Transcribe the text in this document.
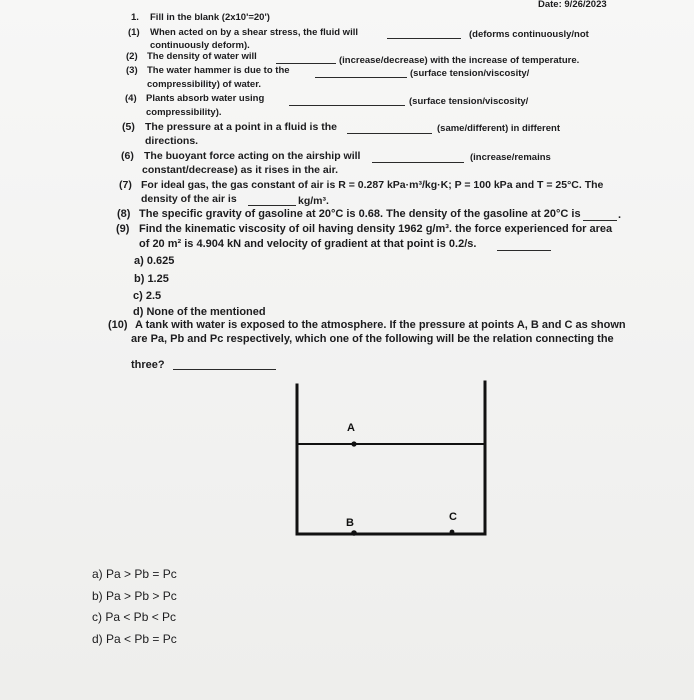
Date: 9/26/2023
1. Fill in the blank (2x10'=20')
(1) When acted on by a shear stress, the fluid will	(deforms continuously/not
continuously deform).
(2) The density of water will	(increase/decrease) with the increase of temperature.
(3) The water hammer is due to the	(surface tension/viscosity/
compressibility) of water.
(4) Plants absorb water using	(surface tension/viscosity/
compressibility).
(5) The pressure at a point in a fluid is the	(same/different) in different
directions.
(6) The buoyant force acting on the airship will	(increase/remains
constant/decrease) as it rises in the air.
(7) For ideal gas, the gas constant of air is R = 0.287 kPa·m³/kg·K; P = 100 kPa and T = 25°C. The
density of the air is	kg/m³.
(8) The specific gravity of gasoline at 20°C is 0.68. The density of the gasoline at 20°C is	.
(9) Find the kinematic viscosity of oil having density 1962 g/m³. the force experienced for area
of 20 m² is 4.904 kN and velocity of gradient at that point is 0.2/s.
a) 0.625
b) 1.25
c) 2.5
d) None of the mentioned
(10) A tank with water is exposed to the atmosphere. If the pressure at points A, B and C as shown
are Pa, Pb and Pc respectively, which one of the following will be the relation connecting the
three?
A
B	C
a) Pa > Pb = Pc
b) Pa > Pb > Pc
c) Pa < Pb < Pc
d) Pa < Pb = Pc
